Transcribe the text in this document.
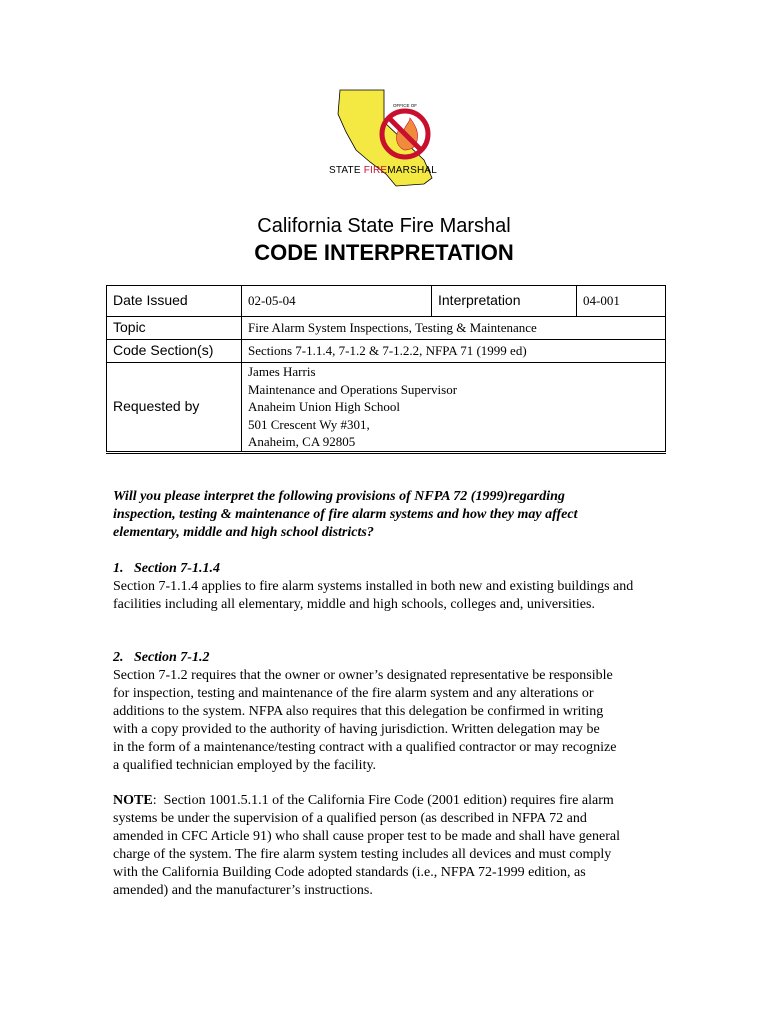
OFFICE OF
STATE FIREMARSHAL
California State Fire Marshal
CODE INTERPRETATION
Date Issued	02-05-04	Interpretation	04-001
Topic	Fire Alarm System Inspections, Testing & Maintenance		
Code Section(s)	Sections 7-1.1.4, 7-1.2 & 7-1.2.2, NFPA 71 (1999 ed)		
Requested by	James Harris
Maintenance and Operations Supervisor
Anaheim Union High School
501 Crescent Wy #301,
Anaheim, CA 92805		
Will you please interpret the following provisions of NFPA 72 (1999)regarding
inspection, testing & maintenance of fire alarm systems and how they may affect
elementary, middle and high school districts?
1.   Section 7-1.1.4
Section 7-1.1.4 applies to fire alarm systems installed in both new and existing buildings and
facilities including all elementary, middle and high schools, colleges and, universities.
2.   Section 7-1.2
Section 7-1.2 requires that the owner or owner’s designated representative be responsible
for inspection, testing and maintenance of the fire alarm system and any alterations or
additions to the system. NFPA also requires that this delegation be confirmed in writing
with a copy provided to the authority of having jurisdiction. Written delegation may be
in the form of a maintenance/testing contract with a qualified contractor or may recognize
a qualified technician employed by the facility.
NOTE:  Section 1001.5.1.1 of the California Fire Code (2001 edition) requires fire alarm
systems be under the supervision of a qualified person (as described in NFPA 72 and
amended in CFC Article 91) who shall cause proper test to be made and shall have general
charge of the system. The fire alarm system testing includes all devices and must comply
with the California Building Code adopted standards (i.e., NFPA 72-1999 edition, as
amended) and the manufacturer’s instructions.
